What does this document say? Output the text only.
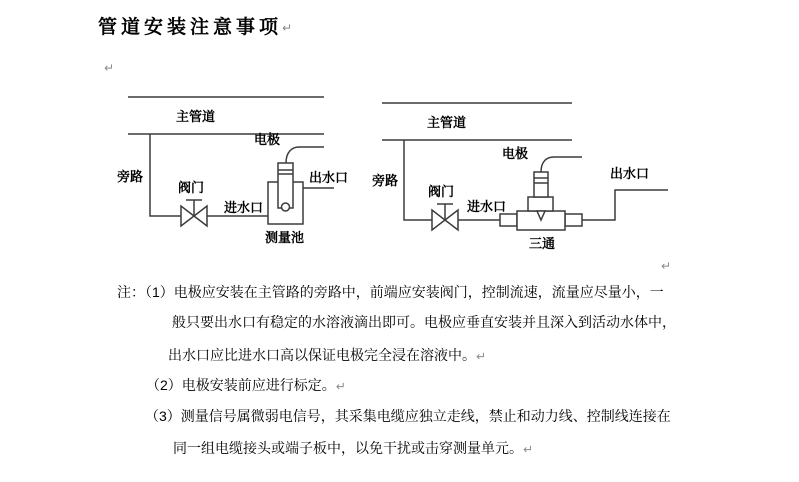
管道安装注意事项↵
↵
↵
主管道
旁路
阀门
进水口
出水口
电极
测量池
主管道
旁路
阀门
进水口
电极
出水口
三通
注：（1）电极应安装在主管路的旁路中，前端应安装阀门，控制流速，流量应尽量小，一
般只要出水口有稳定的水溶液滴出即可。电极应垂直安装并且深入到活动水体中，
出水口应比进水口高以保证电极完全浸在溶液中。↵
（2）电极安装前应进行标定。↵
（3）测量信号属微弱电信号，其采集电缆应独立走线，禁止和动力线、控制线连接在
同一组电缆接头或端子板中，以免干扰或击穿测量单元。↵
